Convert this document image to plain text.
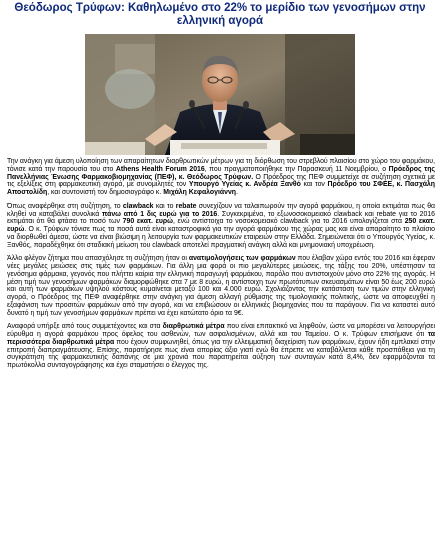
Θεόδωρος Τρύφων: Καθηλωμένο στο 22% το μερίδιο των γενοσήμων στην
ελληνική αγορά

Την ανάγκη για άμεση υλοποίηση των απαραίτητων διαρθρωτικών μέτρων για τη διόρθωση του στρεβλού πλαισίου στο χώρο του φαρμάκου, τόνισε κατά την παρουσία του στο Athens Health Forum 2016, που πραγματοποιήθηκε την Παρασκευή 11 Νοεμβρίου, ο Πρόεδρος της Πανελλήνιας Ένωσης Φαρμακοβιομηχανίας (ΠΕΦ), κ. Θεόδωρος Τρύφων. Ο Πρόεδρος της ΠΕΦ συμμετείχε σε συζήτηση σχετικά με τις εξελίξεις στη φαρμακευτική αγορά, με συνομιλητές τον Υπουργό Υγείας κ. Ανδρέα Ξανθό και τον Πρόεδρο του ΣΦΕΕ, κ. Πασχάλη Αποστολίδη, και συντονιστή τον δημοσιογράφο κ. Μιχάλη Κεφαλογιάννη.

Όπως αναφέρθηκε στη συζήτηση, το clawback και το rebate συνεχίζουν να ταλαιπωρούν την αγορά φαρμάκου, η οποία εκτιμάται πως θα κληθεί να καταβάλει συνολικά πάνω από 1 δις ευρώ για το 2016. Συγκεκριμένα, το εξωνοσοκομειακό clawback και rebate για το 2016 εκτιμάται ότι θα φτάσει το ποσό των 790 εκατ. ευρώ, ενώ αντίστοιχα το νοσοκομειακό clawback για το 2016 υπολογίζεται στα 250 εκατ. ευρώ. Ο κ. Τρύφων τόνισε πως τα ποσά αυτά είναι καταστροφικά για την αγορά φαρμάκου της χώρας μας και είναι απαραίτητο το πλαίσιο να διορθωθεί άμεσα, ώστε να είναι βιώσιμη η λειτουργία των φαρμακευτικών εταιρειών στην Ελλάδα. Σημειώνεται ότι ο Υπουργός Υγείας, κ. Ξανθός, παραδέχθηκε ότι σταδιακή μείωση του clawback αποτελεί πραγματική ανάγκη αλλά και μνημονιακή υποχρέωση.

Άλλο φλέγον ζήτημα που απασχόλησε τη συζήτηση ήταν οι ανατιμολογήσεις των φαρμάκων που έλαβαν χώρα εντός του 2016 και έφεραν νέες μεγάλες μειώσεις στις τιμές των φαρμάκων. Για άλλη μια φορά οι πιο μεγαλύτερες μειώσεις, της τάξης του 20%, υπέστησαν τα γενόσημα φάρμακα, γεγονός που πλήττει καίρια την ελληνική παραγωγή φαρμάκου, παρόλο που αντιστοιχούν μόνο στο 22% της αγοράς. Η μέση τιμή των γενοσήμων φαρμάκων διαμορφώθηκε στα 7 με 8 ευρώ, η αντίστοιχη των πρωτότυπων σκευασμάτων είναι 50 έως 200 ευρώ και αυτή των φαρμάκων υψηλού κόστους κυμαίνεται μεταξύ 100 και 4.000 ευρώ. Σχολιάζοντας την κατάσταση των τιμών στην ελληνική αγορά, ο Πρόεδρος της ΠΕΦ αναφέρθηκε στην ανάγκη για άμεση αλλαγή ρύθμισης της τιμολογιακής πολιτικής, ώστε να αποφευχθεί η εξαφάνιση των προσιτών φαρμάκων από την αγορά, και να επιβιώσουν οι ελληνικές βιομηχανίες που τα παράγουν. Για να καταστεί αυτό δυνατό η τιμή των γενοσήμων φαρμάκων πρέπει να έχει κατώτατο όριο τα 9€.

Αναφορά υπήρξε από τους συμμετέχοντες και στα διαρθρωτικά μέτρα που είναι επιτακτικό να ληφθούν, ώστε να μπορέσει να λειτουργήσει εύρυθμα η αγορά φαρμάκου προς όφελος του ασθενών, των ασφαλισμένων, αλλά και του Ταμείου. Ο κ. Τρύφων επισήμανε ότι τα περισσότερα διαρθρωτικά μέτρα που έχουν συμφωνηθεί, όπως για την ελλειμματική διαχείριση των φαρμάκων, έχουν ήδη εμπλακεί στην επιτροπή διαπραγμάτευσης. Επίσης, παρατήρησε πως είναι απορίας άξιο γιατί ενώ θα έπρεπε να καταβάλλεται κάθε προσπάθεια για τη συγκράτηση της φαρμακευτικής δαπάνης σε μια χρονιά που παρατηρείται αύξηση των συνταγών κατά 8,4%, δεν εφαρμόζονται τα πρωτόκολλα συνταγογράφησης και έχει σταματήσει ο έλεγχος της.
